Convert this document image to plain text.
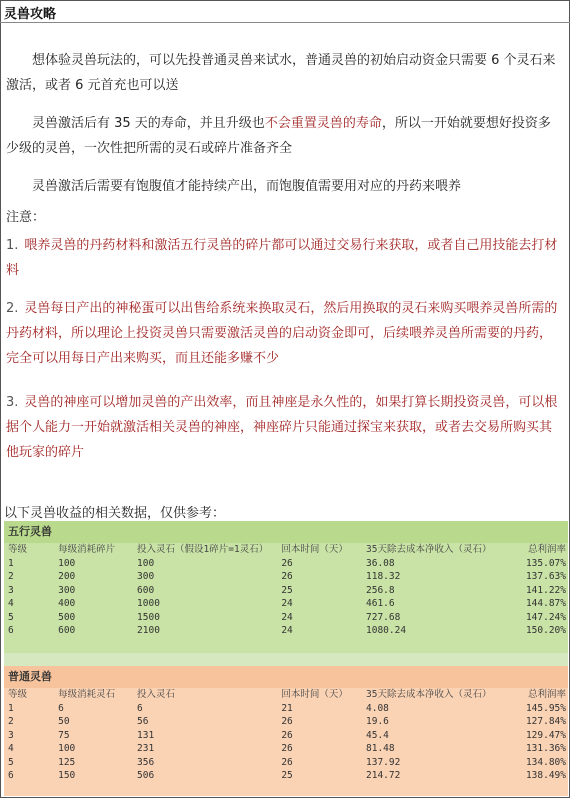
灵兽攻略
想体验灵兽玩法的，可以先投普通灵兽来试水，普通灵兽的初始启动资金只需要 6 个灵石来激活，或者 6 元首充也可以送
灵兽激活后有 35 天的寿命，并且升级也不会重置灵兽的寿命，所以一开始就要想好投资多少级的灵兽，一次性把所需的灵石或碎片准备齐全
灵兽激活后需要有饱腹值才能持续产出，而饱腹值需要用对应的丹药来喂养
注意：
1. 喂养灵兽的丹药材料和激活五行灵兽的碎片都可以通过交易行来获取，或者自己用技能去打材料
2. 灵兽每日产出的神秘蛋可以出售给系统来换取灵石，然后用换取的灵石来购买喂养灵兽所需的丹药材料，所以理论上投资灵兽只需要激活灵兽的启动资金即可，后续喂养灵兽所需要的丹药，完全可以用每日产出来购买，而且还能多赚不少
3. 灵兽的神座可以增加灵兽的产出效率，而且神座是永久性的，如果打算长期投资灵兽，可以根据个人能力一开始就激活相关灵兽的神座，神座碎片只能通过探宝来获取，或者去交易所购买其他玩家的碎片
以下灵兽收益的相关数据，仅供参考：
五行灵兽
等级	每级消耗碎片	投入灵石（假设1碎片=1灵石）	回本时间（天）	35天除去成本净收入（灵石）	总利润率
1	100	100	26	36.08	135.07%
2	200	300	26	118.32	137.63%
3	300	600	25	256.8	141.22%
4	400	1000	24	461.6	144.87%
5	500	1500	24	727.68	147.24%
6	600	2100	24	1080.24	150.20%
普通灵兽
等级	每级消耗灵石	投入灵石	回本时间（天）	35天除去成本净收入（灵石）	总利润率
1	6	6	21	4.08	145.95%
2	50	56	26	19.6	127.84%
3	75	131	26	45.4	129.47%
4	100	231	26	81.48	131.36%
5	125	356	26	137.92	134.80%
6	150	506	25	214.72	138.49%
